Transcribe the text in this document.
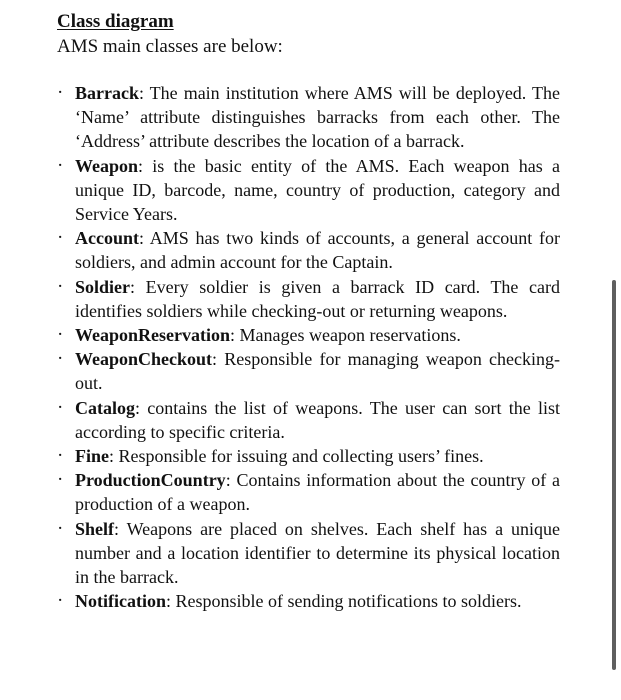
Class diagram
AMS main classes are below:
· Barrack: The main institution where AMS will be deployed. The ‘Name’ attribute distinguishes barracks from each other. The ‘Address’ attribute describes the location of a barrack.
· Weapon: is the basic entity of the AMS. Each weapon has a unique ID, barcode, name, country of production, category and Service Years.
· Account: AMS has two kinds of accounts, a general account for soldiers, and admin account for the Captain.
· Soldier: Every soldier is given a barrack ID card. The card identifies soldiers while checking-out or returning weapons.
· WeaponReservation: Manages weapon reservations.
· WeaponCheckout: Responsible for managing weapon checking-out.
· Catalog: contains the list of weapons. The user can sort the list according to specific criteria.
· Fine: Responsible for issuing and collecting users’ fines.
· ProductionCountry: Contains information about the country of a production of a weapon.
· Shelf: Weapons are placed on shelves. Each shelf has a unique number and a location identifier to determine its physical location in the barrack.
· Notification: Responsible of sending notifications to soldiers.
